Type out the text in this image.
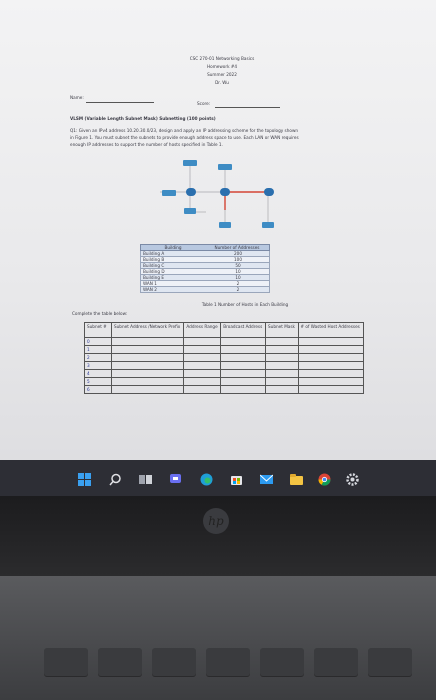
CSC 270-01 Networking Basics

Homework #4

Summer 2022

Dr. Wu

Name:

Score:

VLSM (Variable Length Subnet Mask) Subnetting (100 points)

Q1: Given an IPv4 address 10.20.30.0/23, design and apply an IP addressing scheme for the topology shown

in Figure 1. You must subnet the subnets to provide enough address space to use. Each LAN or WAN requires

enough IP addresses to support the number of hosts specified in Table 1.

Building	Number of Addresses
Building A	200
Building B	100
Building C	50
Building D	10
Building E	10
WAN 1	2
WAN 2	2

Table 1 Number of Hosts in Each Building

Complete the table below:

Subnet #	Subnet Address /Network Prefix	Address Range	Broadcast Address	Subnet Mask	# of Wasted Host Addresses
0					
1					
2					
3					
4					
5					
6					
hp
